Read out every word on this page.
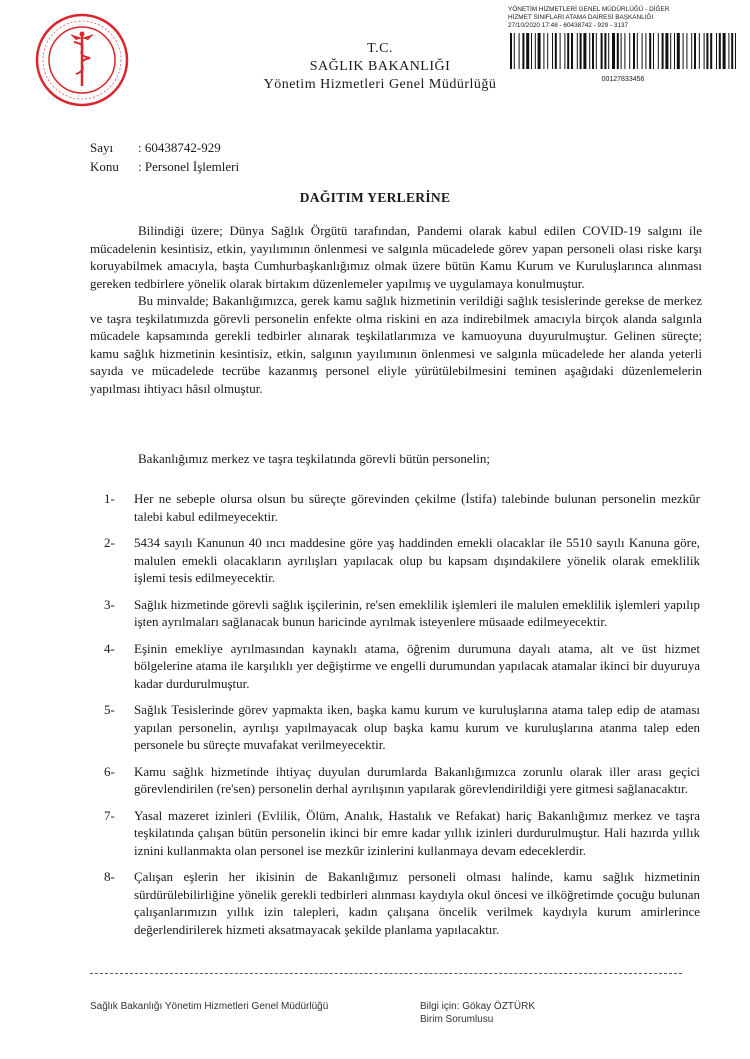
T.C.
SAĞLIK BAKANLIĞI
Yönetim Hizmetleri Genel Müdürlüğü
YÖNETİM HİZMETLERİ GENEL MÜDÜRLÜĞÜ - DİĞER
HİZMET SINIFLARI ATAMA DAİRESİ BAŞKANLIĞI
27/10/2020 17:48 - 60438742 - 929 - 3137
00127833456
Sayı	: 60438742-929
Konu	: Personel İşlemleri
DAĞITIM YERLERİNE

Bilindiği üzere; Dünya Sağlık Örgütü tarafından, Pandemi olarak kabul edilen COVID-19 salgını ile mücadelenin kesintisiz, etkin, yayılımının önlenmesi ve salgınla mücadelede görev yapan personeli olası riske karşı koruyabilmek amacıyla, başta Cumhurbaşkanlığımız olmak üzere bütün Kamu Kurum ve Kuruluşlarınca alınması gereken tedbirlere yönelik olarak birtakım düzenlemeler yapılmış ve uygulamaya konulmuştur.

Bu minvalde; Bakanlığımızca, gerek kamu sağlık hizmetinin verildiği sağlık tesislerinde gerekse de merkez ve taşra teşkilatımızda görevli personelin enfekte olma riskini en aza indirebilmek amacıyla birçok alanda salgınla mücadele kapsamında gerekli tedbirler alınarak teşkilatlarımıza ve kamuoyuna duyurulmuştur. Gelinen süreçte; kamu sağlık hizmetinin kesintisiz, etkin, salgının yayılımının önlenmesi ve salgınla mücadelede her alanda yeterli sayıda ve mücadelede tecrübe kazanmış personel eliyle yürütülebilmesini teminen aşağıdaki düzenlemelerin yapılması ihtiyacı hâsıl olmuştur.

Bakanlığımız merkez ve taşra teşkilatında görevli bütün personelin;
1-	Her ne sebeple olursa olsun bu süreçte görevinden çekilme (İstifa) talebinde bulunan personelin mezkûr talebi kabul edilmeyecektir.
2-	5434 sayılı Kanunun 40 ıncı maddesine göre yaş haddinden emekli olacaklar ile 5510 sayılı Kanuna göre, malulen emekli olacakların ayrılışları yapılacak olup bu kapsam dışındakilere yönelik olarak emeklilik işlemi tesis edilmeyecektir.
3-	Sağlık hizmetinde görevli sağlık işçilerinin, re'sen emeklilik işlemleri ile malulen emeklilik işlemleri yapılıp işten ayrılmaları sağlanacak bunun haricinde ayrılmak isteyenlere müsaade edilmeyecektir.
4-	Eşinin emekliye ayrılmasından kaynaklı atama, öğrenim durumuna dayalı atama, alt ve üst hizmet bölgelerine atama ile karşılıklı yer değiştirme ve engelli durumundan yapılacak atamalar ikinci bir duyuruya kadar durdurulmuştur.
5-	Sağlık Tesislerinde görev yapmakta iken, başka kamu kurum ve kuruluşlarına atama talep edip de ataması yapılan personelin, ayrılışı yapılmayacak olup başka kamu kurum ve kuruluşlarına atanma talep eden personele bu süreçte muvafakat verilmeyecektir.
6-	Kamu sağlık hizmetinde ihtiyaç duyulan durumlarda Bakanlığımızca zorunlu olarak iller arası geçici görevlendirilen (re'sen) personelin derhal ayrılışının yapılarak görevlendirildiği yere gitmesi sağlanacaktır.
7-	Yasal mazeret izinleri (Evlilik, Ölüm, Analık, Hastalık ve Refakat) hariç Bakanlığımız merkez ve taşra teşkilatında çalışan bütün personelin ikinci bir emre kadar yıllık izinleri durdurulmuştur. Hali hazırda yıllık iznini kullanmakta olan personel ise mezkûr izinlerini kullanmaya devam edeceklerdir.
8-	Çalışan eşlerin her ikisinin de Bakanlığımız personeli olması halinde, kamu sağlık hizmetinin sürdürülebilirliğine yönelik gerekli tedbirleri alınması kaydıyla okul öncesi ve ilköğretimde çocuğu bulunan çalışanlarımızın yıllık izin talepleri, kadın çalışana öncelik verilmek kaydıyla kurum amirlerince değerlendirilerek hizmeti aksatmayacak şekilde planlama yapılacaktır.
Sağlık Bakanlığı Yönetim Hizmetleri Genel Müdürlüğü	Bilgi için: Gökay ÖZTÜRK
Birim Sorumlusu
